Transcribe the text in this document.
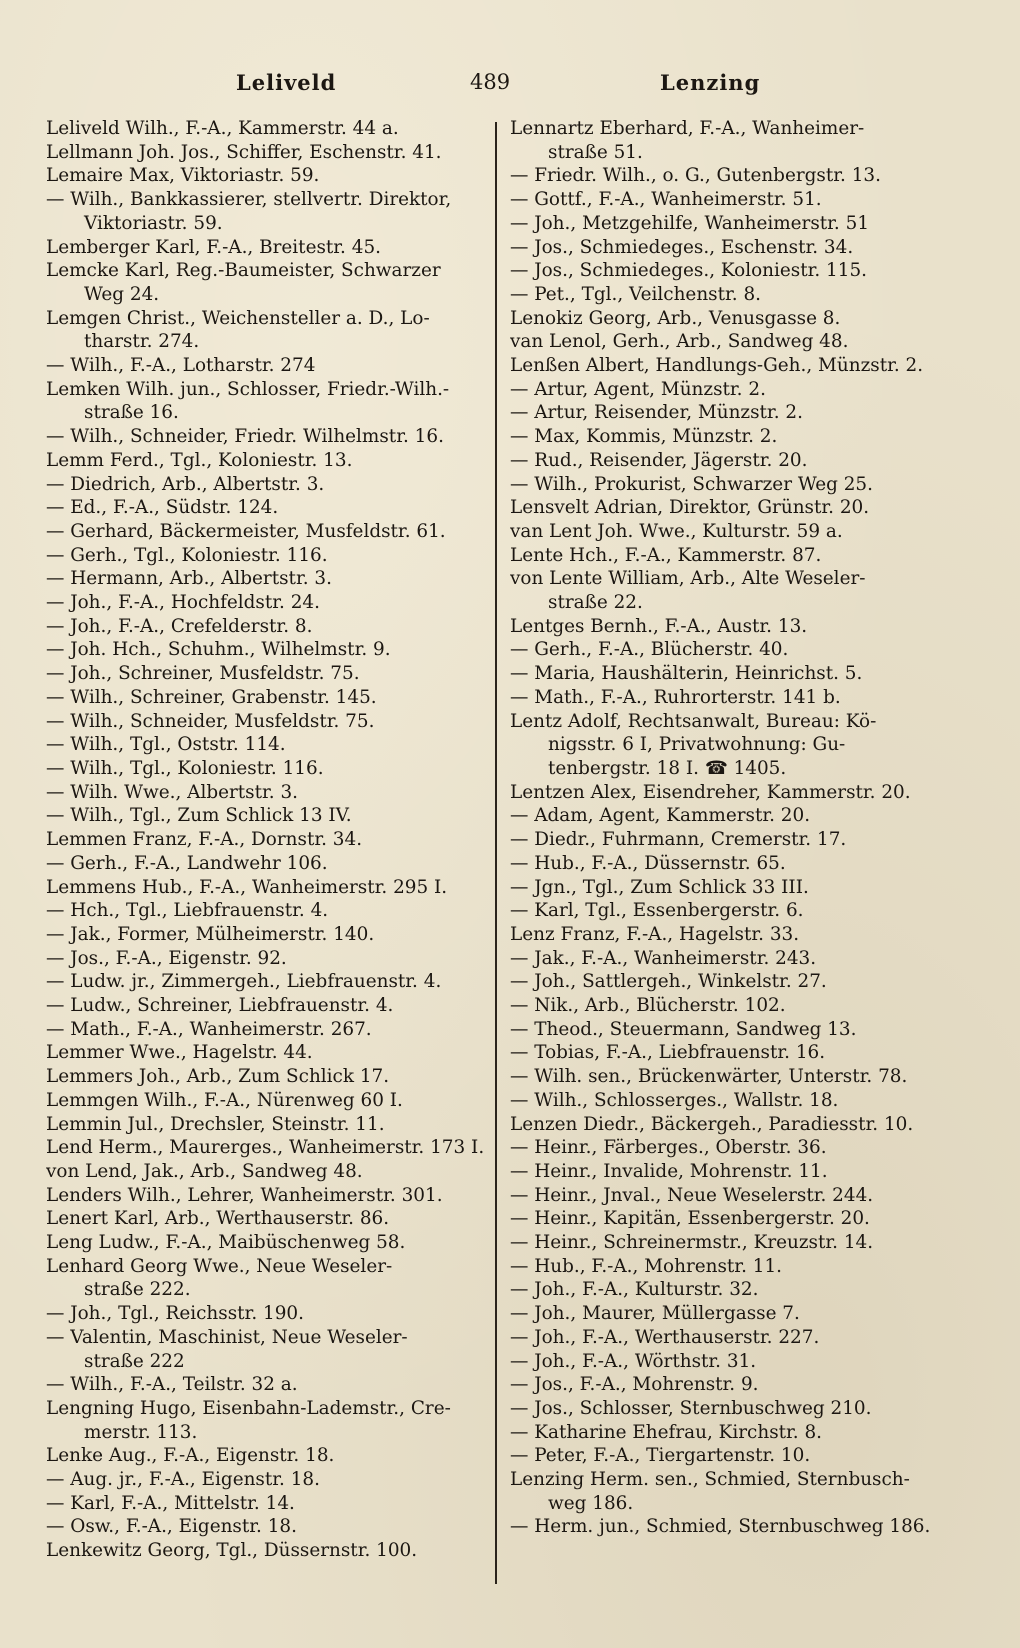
Leliveld	489	Lenzing
Leliveld Wilh., F.-A., Kammerstr. 44 a.
Lellmann Joh. Jos., Schiffer, Eschenstr. 41.
Lemaire Max, Viktoriastr. 59.
— Wilh., Bankkassierer, stellvertr. Direktor,
Viktoriastr. 59.
Lemberger Karl, F.-A., Breitestr. 45.
Lemcke Karl, Reg.-Baumeister, Schwarzer
Weg 24.
Lemgen Christ., Weichensteller a. D., Lo-
tharstr. 274.
— Wilh., F.-A., Lotharstr. 274
Lemken Wilh. jun., Schlosser, Friedr.-Wilh.-
straße 16.
— Wilh., Schneider, Friedr. Wilhelmstr. 16.
Lemm Ferd., Tgl., Koloniestr. 13.
— Diedrich, Arb., Albertstr. 3.
— Ed., F.-A., Südstr. 124.
— Gerhard, Bäckermeister, Musfeldstr. 61.
— Gerh., Tgl., Koloniestr. 116.
— Hermann, Arb., Albertstr. 3.
— Joh., F.-A., Hochfeldstr. 24.
— Joh., F.-A., Crefelderstr. 8.
— Joh. Hch., Schuhm., Wilhelmstr. 9.
— Joh., Schreiner, Musfeldstr. 75.
— Wilh., Schreiner, Grabenstr. 145.
— Wilh., Schneider, Musfeldstr. 75.
— Wilh., Tgl., Oststr. 114.
— Wilh., Tgl., Koloniestr. 116.
— Wilh. Wwe., Albertstr. 3.
— Wilh., Tgl., Zum Schlick 13 IV.
Lemmen Franz, F.-A., Dornstr. 34.
— Gerh., F.-A., Landwehr 106.
Lemmens Hub., F.-A., Wanheimerstr. 295 I.
— Hch., Tgl., Liebfrauenstr. 4.
— Jak., Former, Mülheimerstr. 140.
— Jos., F.-A., Eigenstr. 92.
— Ludw. jr., Zimmergeh., Liebfrauenstr. 4.
— Ludw., Schreiner, Liebfrauenstr. 4.
— Math., F.-A., Wanheimerstr. 267.
Lemmer Wwe., Hagelstr. 44.
Lemmers Joh., Arb., Zum Schlick 17.
Lemmgen Wilh., F.-A., Nürenweg 60 I.
Lemmin Jul., Drechsler, Steinstr. 11.
Lend Herm., Maurerges., Wanheimerstr. 173 I.
von Lend, Jak., Arb., Sandweg 48.
Lenders Wilh., Lehrer, Wanheimerstr. 301.
Lenert Karl, Arb., Werthauserstr. 86.
Leng Ludw., F.-A., Maibüschenweg 58.
Lenhard Georg Wwe., Neue Weseler-
straße 222.
— Joh., Tgl., Reichsstr. 190.
— Valentin, Maschinist, Neue Weseler-
straße 222
— Wilh., F.-A., Teilstr. 32 a.
Lengning Hugo, Eisenbahn-Lademstr., Cre-
merstr. 113.
Lenke Aug., F.-A., Eigenstr. 18.
— Aug. jr., F.-A., Eigenstr. 18.
— Karl, F.-A., Mittelstr. 14.
— Osw., F.-A., Eigenstr. 18.
Lenkewitz Georg, Tgl., Düssernstr. 100.
Lennartz Eberhard, F.-A., Wanheimer-
straße 51.
— Friedr. Wilh., o. G., Gutenbergstr. 13.
— Gottf., F.-A., Wanheimerstr. 51.
— Joh., Metzgehilfe, Wanheimerstr. 51
— Jos., Schmiedeges., Eschenstr. 34.
— Jos., Schmiedeges., Koloniestr. 115.
— Pet., Tgl., Veilchenstr. 8.
Lenokiz Georg, Arb., Venusgasse 8.
van Lenol, Gerh., Arb., Sandweg 48.
Lenßen Albert, Handlungs-Geh., Münzstr. 2.
— Artur, Agent, Münzstr. 2.
— Artur, Reisender, Münzstr. 2.
— Max, Kommis, Münzstr. 2.
— Rud., Reisender, Jägerstr. 20.
— Wilh., Prokurist, Schwarzer Weg 25.
Lensvelt Adrian, Direktor, Grünstr. 20.
van Lent Joh. Wwe., Kulturstr. 59 a.
Lente Hch., F.-A., Kammerstr. 87.
von Lente William, Arb., Alte Weseler-
straße 22.
Lentges Bernh., F.-A., Austr. 13.
— Gerh., F.-A., Blücherstr. 40.
— Maria, Haushälterin, Heinrichst. 5.
— Math., F.-A., Ruhrorterstr. 141 b.
Lentz Adolf, Rechtsanwalt, Bureau: Kö-
nigsstr. 6 I, Privatwohnung: Gu-
tenbergstr. 18 I. ☎ 1405.
Lentzen Alex, Eisendreher, Kammerstr. 20.
— Adam, Agent, Kammerstr. 20.
— Diedr., Fuhrmann, Cremerstr. 17.
— Hub., F.-A., Düssernstr. 65.
— Jgn., Tgl., Zum Schlick 33 III.
— Karl, Tgl., Essenbergerstr. 6.
Lenz Franz, F.-A., Hagelstr. 33.
— Jak., F.-A., Wanheimerstr. 243.
— Joh., Sattlergeh., Winkelstr. 27.
— Nik., Arb., Blücherstr. 102.
— Theod., Steuermann, Sandweg 13.
— Tobias, F.-A., Liebfrauenstr. 16.
— Wilh. sen., Brückenwärter, Unterstr. 78.
— Wilh., Schlosserges., Wallstr. 18.
Lenzen Diedr., Bäckergeh., Paradiesstr. 10.
— Heinr., Färberges., Oberstr. 36.
— Heinr., Invalide, Mohrenstr. 11.
— Heinr., Jnval., Neue Weselerstr. 244.
— Heinr., Kapitän, Essenbergerstr. 20.
— Heinr., Schreinermstr., Kreuzstr. 14.
— Hub., F.-A., Mohrenstr. 11.
— Joh., F.-A., Kulturstr. 32.
— Joh., Maurer, Müllergasse 7.
— Joh., F.-A., Werthauserstr. 227.
— Joh., F.-A., Wörthstr. 31.
— Jos., F.-A., Mohrenstr. 9.
— Jos., Schlosser, Sternbuschweg 210.
— Katharine Ehefrau, Kirchstr. 8.
— Peter, F.-A., Tiergartenstr. 10.
Lenzing Herm. sen., Schmied, Sternbusch-
weg 186.
— Herm. jun., Schmied, Sternbuschweg 186.
